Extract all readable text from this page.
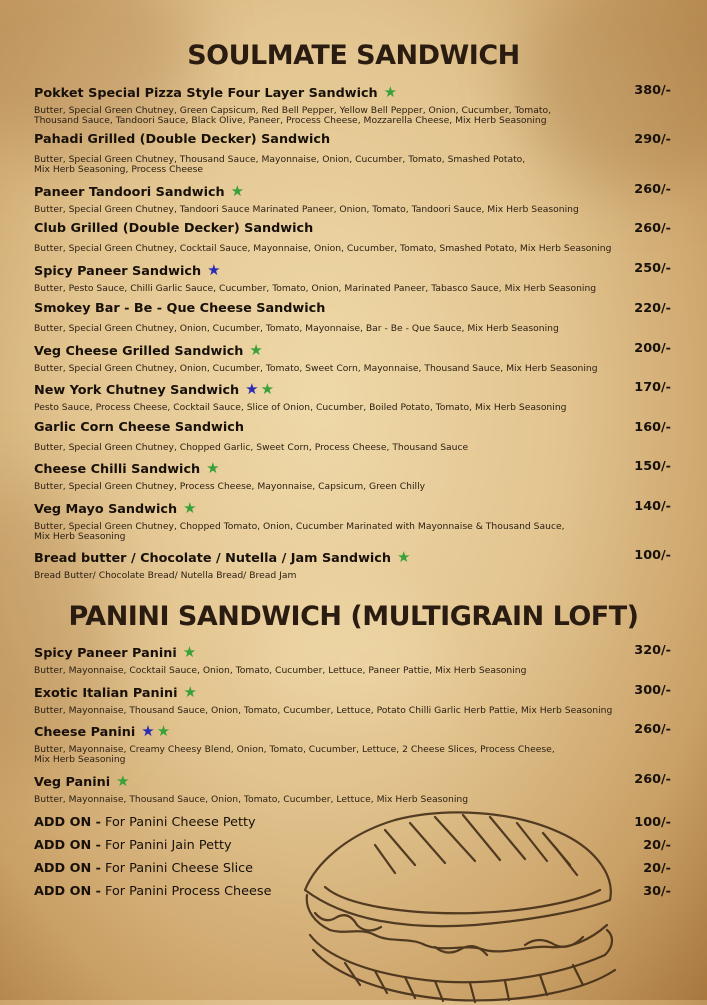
SOULMATE SANDWICH
Pokket Special Pizza Style Four Layer Sandwich ★	380/-
Butter, Special Green Chutney, Green Capsicum, Red Bell Pepper, Yellow Bell Pepper, Onion, Cucumber, Tomato,
Thousand Sauce, Tandoori Sauce, Black Olive, Paneer, Process Cheese, Mozzarella Cheese, Mix Herb Seasoning
Pahadi Grilled (Double Decker) Sandwich	290/-
Butter, Special Green Chutney, Thousand Sauce, Mayonnaise, Onion, Cucumber, Tomato, Smashed Potato,
Mix Herb Seasoning, Process Cheese
Paneer Tandoori Sandwich ★	260/-
Butter, Special Green Chutney, Tandoori Sauce Marinated Paneer, Onion, Tomato, Tandoori Sauce, Mix Herb Seasoning
Club Grilled (Double Decker) Sandwich	260/-
Butter, Special Green Chutney, Cocktail Sauce, Mayonnaise, Onion, Cucumber, Tomato, Smashed Potato, Mix Herb Seasoning
Spicy Paneer Sandwich ★	250/-
Butter, Pesto Sauce, Chilli Garlic Sauce, Cucumber, Tomato, Onion, Marinated Paneer, Tabasco Sauce, Mix Herb Seasoning
Smokey Bar - Be - Que Cheese Sandwich	220/-
Butter, Special Green Chutney, Onion, Cucumber, Tomato, Mayonnaise, Bar - Be - Que Sauce, Mix Herb Seasoning
Veg Cheese Grilled Sandwich ★	200/-
Butter, Special Green Chutney, Onion, Cucumber, Tomato, Sweet Corn, Mayonnaise, Thousand Sauce, Mix Herb Seasoning
New York Chutney Sandwich ★ ★	170/-
Pesto Sauce, Process Cheese, Cocktail Sauce, Slice of Onion, Cucumber, Boiled Potato, Tomato, Mix Herb Seasoning
Garlic Corn Cheese Sandwich	160/-
Butter, Special Green Chutney, Chopped Garlic, Sweet Corn, Process Cheese, Thousand Sauce
Cheese Chilli Sandwich ★	150/-
Butter, Special Green Chutney, Process Cheese, Mayonnaise, Capsicum, Green Chilly
Veg Mayo Sandwich ★	140/-
Butter, Special Green Chutney, Chopped Tomato, Onion, Cucumber Marinated with Mayonnaise & Thousand Sauce,
Mix Herb Seasoning
Bread butter / Chocolate / Nutella / Jam Sandwich ★	100/-
Bread Butter/ Chocolate Bread/ Nutella Bread/ Bread Jam
PANINI SANDWICH (MULTIGRAIN LOFT)
Spicy Paneer Panini ★	320/-
Butter, Mayonnaise, Cocktail Sauce, Onion, Tomato, Cucumber, Lettuce, Paneer Pattie, Mix Herb Seasoning
Exotic Italian Panini ★	300/-
Butter, Mayonnaise, Thousand Sauce, Onion, Tomato, Cucumber, Lettuce, Potato Chilli Garlic Herb Pattie, Mix Herb Seasoning
Cheese Panini ★ ★	260/-
Butter, Mayonnaise, Creamy Cheesy Blend, Onion, Tomato, Cucumber, Lettuce, 2 Cheese Slices, Process Cheese,
Mix Herb Seasoning
Veg Panini ★	260/-
Butter, Mayonnaise, Thousand Sauce, Onion, Tomato, Cucumber, Lettuce, Mix Herb Seasoning
ADD ON - For Panini Cheese Petty	100/-
ADD ON - For Panini Jain Petty	20/-
ADD ON - For Panini Cheese Slice	20/-
ADD ON - For Panini Process Cheese	30/-
